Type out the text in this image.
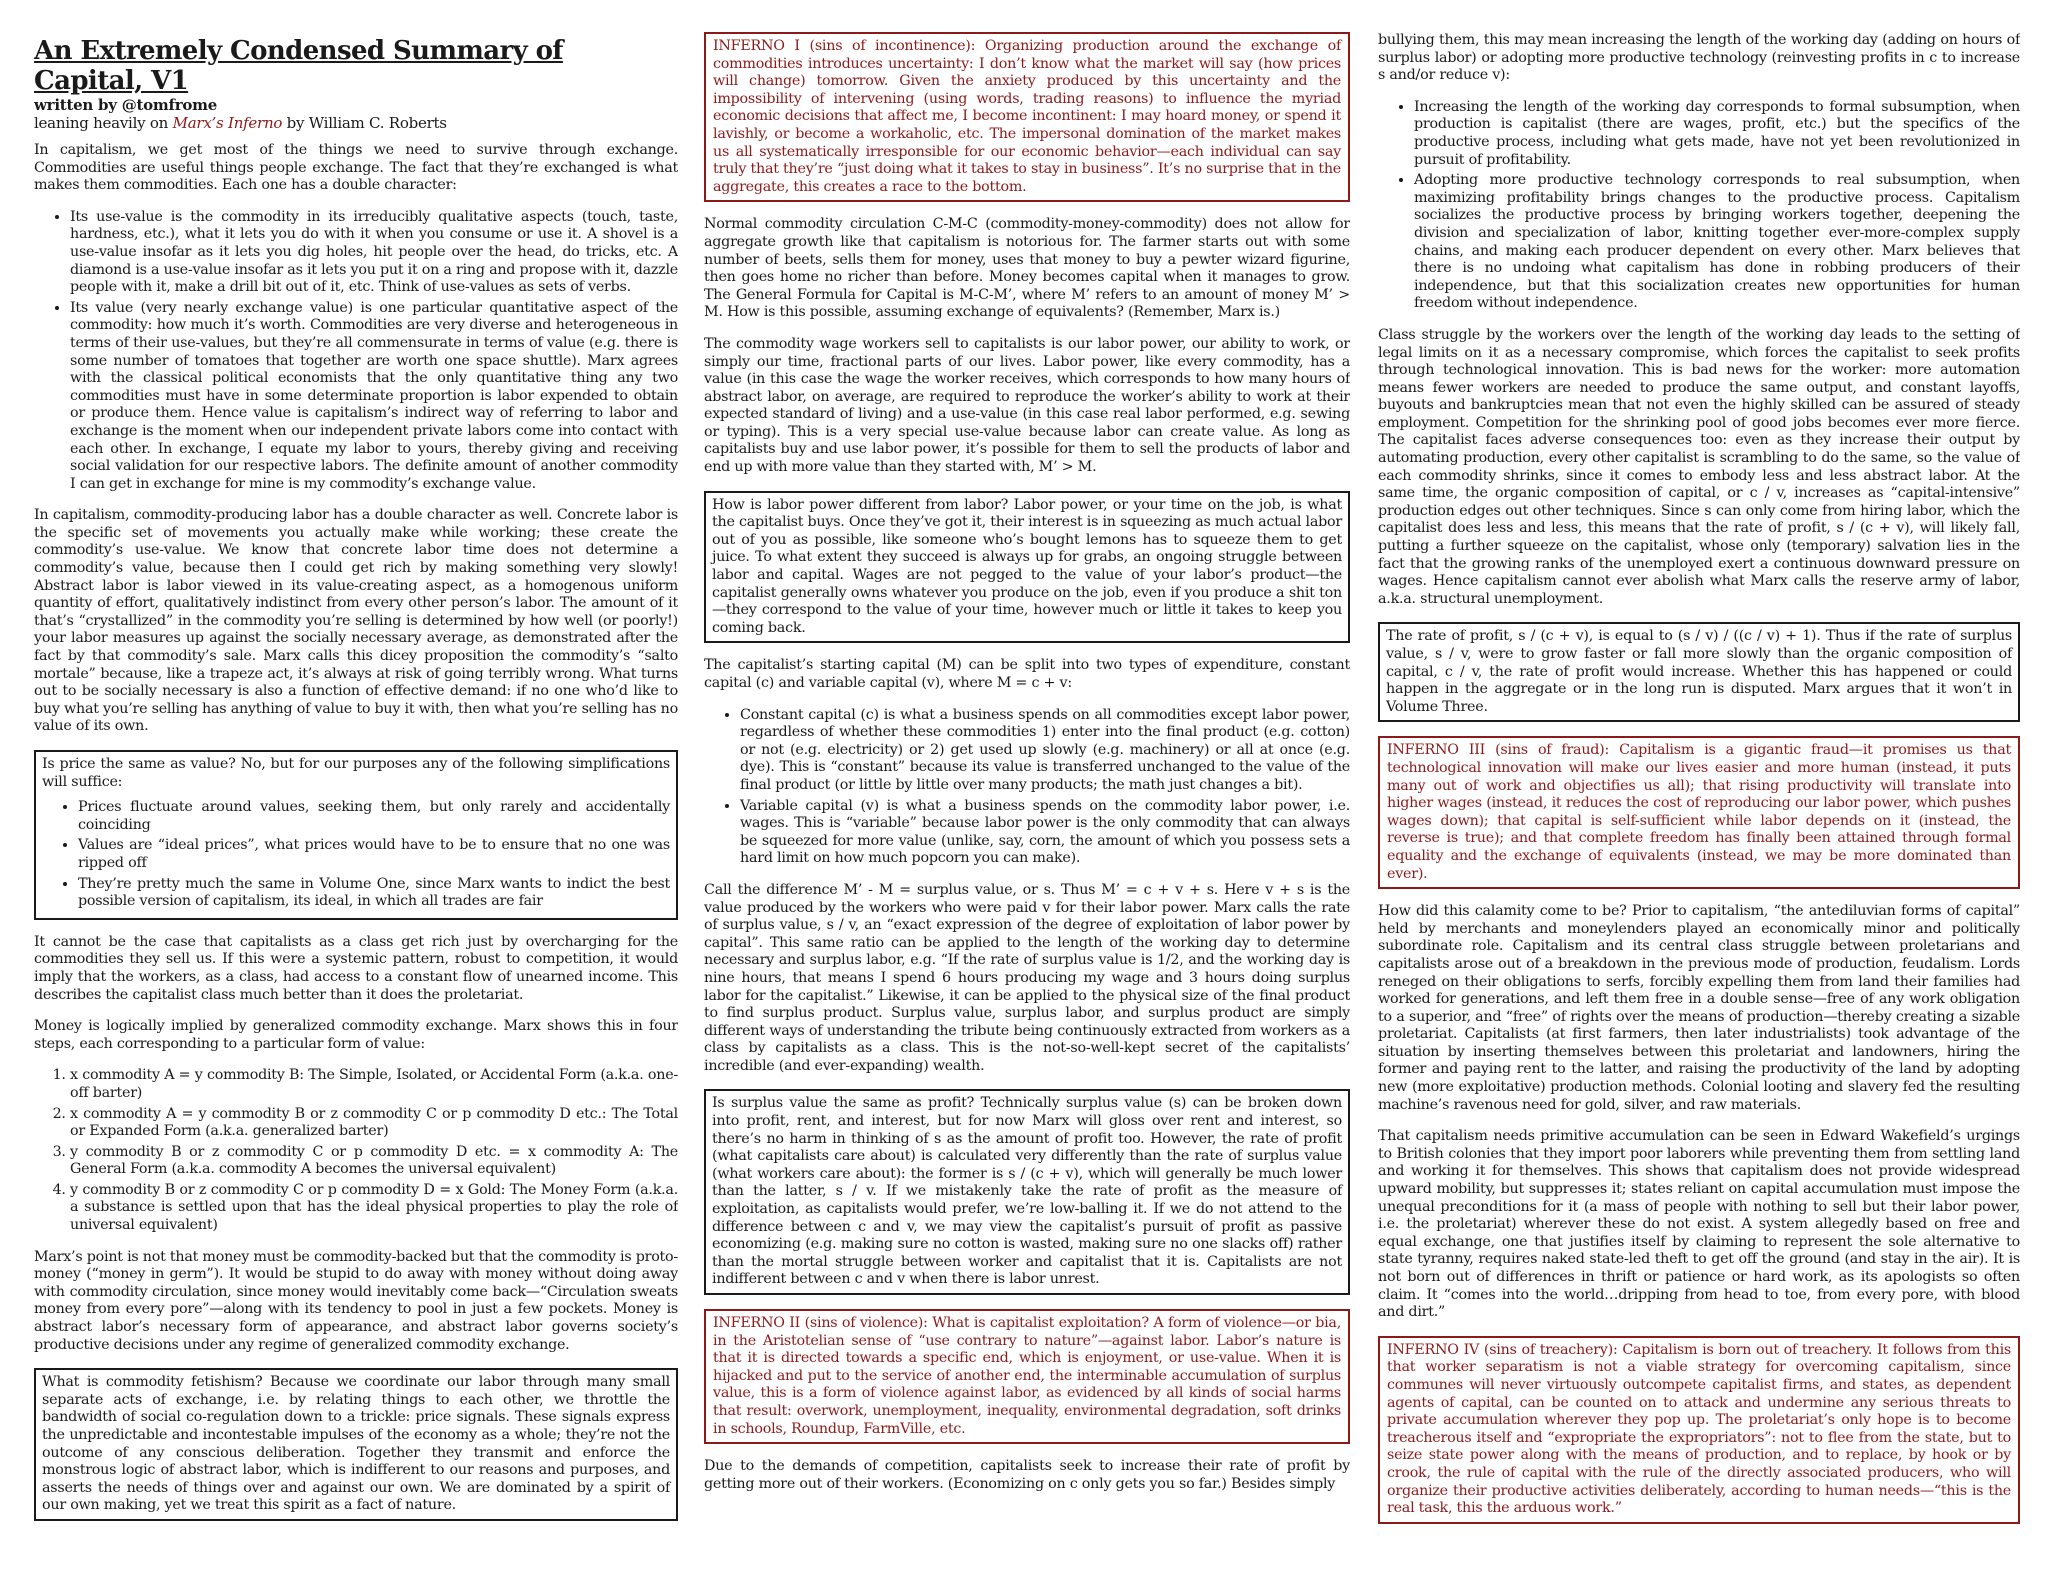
An Extremely Condensed Summary of Capital, V1
written by @tomfrome
leaning heavily on Marx’s Inferno by William C. Roberts

In capitalism, we get most of the things we need to survive through exchange. Commodities are useful things people exchange. The fact that they’re exchanged is what makes them commodities. Each one has a double character:

• Its use-value is the commodity in its irreducibly qualitative aspects (touch, taste, hardness, etc.), what it lets you do with it when you consume or use it. A shovel is a use-value insofar as it lets you dig holes, hit people over the head, do tricks, etc. A diamond is a use-value insofar as it lets you put it on a ring and propose with it, dazzle people with it, make a drill bit out of it, etc. Think of use-values as sets of verbs.
• Its value (very nearly exchange value) is one particular quantitative aspect of the commodity: how much it’s worth. Commodities are very diverse and heterogeneous in terms of their use-values, but they’re all commensurate in terms of value (e.g. there is some number of tomatoes that together are worth one space shuttle). Marx agrees with the classical political economists that the only quantitative thing any two commodities must have in some determinate proportion is labor expended to obtain or produce them. Hence value is capitalism’s indirect way of referring to labor and exchange is the moment when our independent private labors come into contact with each other. In exchange, I equate my labor to yours, thereby giving and receiving social validation for our respective labors. The definite amount of another commodity I can get in exchange for mine is my commodity’s exchange value.

In capitalism, commodity-producing labor has a double character as well. Concrete labor is the specific set of movements you actually make while working; these create the commodity’s use-value. We know that concrete labor time does not determine a commodity’s value, because then I could get rich by making something very slowly! Abstract labor is labor viewed in its value-creating aspect, as a homogenous uniform quantity of effort, qualitatively indistinct from every other person’s labor. The amount of it that’s “crystallized” in the commodity you’re selling is determined by how well (or poorly!) your labor measures up against the socially necessary average, as demonstrated after the fact by that commodity’s sale. Marx calls this dicey proposition the commodity’s “salto mortale” because, like a trapeze act, it’s always at risk of going terribly wrong. What turns out to be socially necessary is also a function of effective demand: if no one who’d like to buy what you’re selling has anything of value to buy it with, then what you’re selling has no value of its own.

Is price the same as value? No, but for our purposes any of the following simplifications will suffice:
• Prices fluctuate around values, seeking them, but only rarely and accidentally coinciding
• Values are “ideal prices”, what prices would have to be to ensure that no one was ripped off
• They’re pretty much the same in Volume One, since Marx wants to indict the best possible version of capitalism, its ideal, in which all trades are fair

It cannot be the case that capitalists as a class get rich just by overcharging for the commodities they sell us. If this were a systemic pattern, robust to competition, it would imply that the workers, as a class, had access to a constant flow of unearned income. This describes the capitalist class much better than it does the proletariat.

Money is logically implied by generalized commodity exchange. Marx shows this in four steps, each corresponding to a particular form of value:

1. x commodity A = y commodity B: The Simple, Isolated, or Accidental Form (a.k.a. one-off barter)
2. x commodity A = y commodity B or z commodity C or p commodity D etc.: The Total or Expanded Form (a.k.a. generalized barter)
3. y commodity B or z commodity C or p commodity D etc. = x commodity A: The General Form (a.k.a. commodity A becomes the universal equivalent)
4. y commodity B or z commodity C or p commodity D = x Gold: The Money Form (a.k.a. a substance is settled upon that has the ideal physical properties to play the role of universal equivalent)

Marx’s point is not that money must be commodity-backed but that the commodity is proto-money (“money in germ”). It would be stupid to do away with money without doing away with commodity circulation, since money would inevitably come back—“Circulation sweats money from every pore”—along with its tendency to pool in just a few pockets. Money is abstract labor’s necessary form of appearance, and abstract labor governs society’s productive decisions under any regime of generalized commodity exchange.

What is commodity fetishism? Because we coordinate our labor through many small separate acts of exchange, i.e. by relating things to each other, we throttle the bandwidth of social co-regulation down to a trickle: price signals. These signals express the unpredictable and incontestable impulses of the economy as a whole; they’re not the outcome of any conscious deliberation. Together they transmit and enforce the monstrous logic of abstract labor, which is indifferent to our reasons and purposes, and asserts the needs of things over and against our own. We are dominated by a spirit of our own making, yet we treat this spirit as a fact of nature.
INFERNO I (sins of incontinence): Organizing production around the exchange of commodities introduces uncertainty: I don’t know what the market will say (how prices will change) tomorrow. Given the anxiety produced by this uncertainty and the impossibility of intervening (using words, trading reasons) to influence the myriad economic decisions that affect me, I become incontinent: I may hoard money, or spend it lavishly, or become a workaholic, etc. The impersonal domination of the market makes us all systematically irresponsible for our economic behavior—each individual can say truly that they’re “just doing what it takes to stay in business”. It’s no surprise that in the aggregate, this creates a race to the bottom.

Normal commodity circulation C-M-C (commodity-money-commodity) does not allow for aggregate growth like that capitalism is notorious for. The farmer starts out with some number of beets, sells them for money, uses that money to buy a pewter wizard figurine, then goes home no richer than before. Money becomes capital when it manages to grow. The General Formula for Capital is M-C-M’, where M’ refers to an amount of money M’ > M. How is this possible, assuming exchange of equivalents? (Remember, Marx is.)

The commodity wage workers sell to capitalists is our labor power, our ability to work, or simply our time, fractional parts of our lives. Labor power, like every commodity, has a value (in this case the wage the worker receives, which corresponds to how many hours of abstract labor, on average, are required to reproduce the worker’s ability to work at their expected standard of living) and a use-value (in this case real labor performed, e.g. sewing or typing). This is a very special use-value because labor can create value. As long as capitalists buy and use labor power, it’s possible for them to sell the products of labor and end up with more value than they started with, M’ > M.

How is labor power different from labor? Labor power, or your time on the job, is what the capitalist buys. Once they’ve got it, their interest is in squeezing as much actual labor out of you as possible, like someone who’s bought lemons has to squeeze them to get juice. To what extent they succeed is always up for grabs, an ongoing struggle between labor and capital. Wages are not pegged to the value of your labor’s product—the capitalist generally owns whatever you produce on the job, even if you produce a shit ton—they correspond to the value of your time, however much or little it takes to keep you coming back.

The capitalist’s starting capital (M) can be split into two types of expenditure, constant capital (c) and variable capital (v), where M = c + v:

• Constant capital (c) is what a business spends on all commodities except labor power, regardless of whether these commodities 1) enter into the final product (e.g. cotton) or not (e.g. electricity) or 2) get used up slowly (e.g. machinery) or all at once (e.g. dye). This is “constant” because its value is transferred unchanged to the value of the final product (or little by little over many products; the math just changes a bit).
• Variable capital (v) is what a business spends on the commodity labor power, i.e. wages. This is “variable” because labor power is the only commodity that can always be squeezed for more value (unlike, say, corn, the amount of which you possess sets a hard limit on how much popcorn you can make).

Call the difference M’ - M = surplus value, or s. Thus M’ = c + v + s. Here v + s is the value produced by the workers who were paid v for their labor power. Marx calls the rate of surplus value, s / v, an “exact expression of the degree of exploitation of labor power by capital”. This same ratio can be applied to the length of the working day to determine necessary and surplus labor, e.g. “If the rate of surplus value is 1/2, and the working day is nine hours, that means I spend 6 hours producing my wage and 3 hours doing surplus labor for the capitalist.” Likewise, it can be applied to the physical size of the final product to find surplus product. Surplus value, surplus labor, and surplus product are simply different ways of understanding the tribute being continuously extracted from workers as a class by capitalists as a class. This is the not-so-well-kept secret of the capitalists’ incredible (and ever-expanding) wealth.

Is surplus value the same as profit? Technically surplus value (s) can be broken down into profit, rent, and interest, but for now Marx will gloss over rent and interest, so there’s no harm in thinking of s as the amount of profit too. However, the rate of profit (what capitalists care about) is calculated very differently than the rate of surplus value (what workers care about): the former is s / (c + v), which will generally be much lower than the latter, s / v. If we mistakenly take the rate of profit as the measure of exploitation, as capitalists would prefer, we’re low-balling it. If we do not attend to the difference between c and v, we may view the capitalist’s pursuit of profit as passive economizing (e.g. making sure no cotton is wasted, making sure no one slacks off) rather than the mortal struggle between worker and capitalist that it is. Capitalists are not indifferent between c and v when there is labor unrest.
INFERNO II (sins of violence): What is capitalist exploitation? A form of violence—or bia, in the Aristotelian sense of “use contrary to nature”—against labor. Labor’s nature is that it is directed towards a specific end, which is enjoyment, or use-value. When it is hijacked and put to the service of another end, the interminable accumulation of surplus value, this is a form of violence against labor, as evidenced by all kinds of social harms that result: overwork, unemployment, inequality, environmental degradation, soft drinks in schools, Roundup, FarmVille, etc.

Due to the demands of competition, capitalists seek to increase their rate of profit by getting more out of their workers. (Economizing on c only gets you so far.) Besides simply

bullying them, this may mean increasing the length of the working day (adding on hours of surplus labor) or adopting more productive technology (reinvesting profits in c to increase s and/or reduce v):

• Increasing the length of the working day corresponds to formal subsumption, when production is capitalist (there are wages, profit, etc.) but the specifics of the productive process, including what gets made, have not yet been revolutionized in pursuit of profitability.
• Adopting more productive technology corresponds to real subsumption, when maximizing profitability brings changes to the productive process. Capitalism socializes the productive process by bringing workers together, deepening the division and specialization of labor, knitting together ever-more-complex supply chains, and making each producer dependent on every other. Marx believes that there is no undoing what capitalism has done in robbing producers of their independence, but that this socialization creates new opportunities for human freedom without independence.

Class struggle by the workers over the length of the working day leads to the setting of legal limits on it as a necessary compromise, which forces the capitalist to seek profits through technological innovation. This is bad news for the worker: more automation means fewer workers are needed to produce the same output, and constant layoffs, buyouts and bankruptcies mean that not even the highly skilled can be assured of steady employment. Competition for the shrinking pool of good jobs becomes ever more fierce. The capitalist faces adverse consequences too: even as they increase their output by automating production, every other capitalist is scrambling to do the same, so the value of each commodity shrinks, since it comes to embody less and less abstract labor. At the same time, the organic composition of capital, or c / v, increases as “capital-intensive” production edges out other techniques. Since s can only come from hiring labor, which the capitalist does less and less, this means that the rate of profit, s / (c + v), will likely fall, putting a further squeeze on the capitalist, whose only (temporary) salvation lies in the fact that the growing ranks of the unemployed exert a continuous downward pressure on wages. Hence capitalism cannot ever abolish what Marx calls the reserve army of labor, a.k.a. structural unemployment.

The rate of profit, s / (c + v), is equal to (s / v) / ((c / v) + 1). Thus if the rate of surplus value, s / v, were to grow faster or fall more slowly than the organic composition of capital, c / v, the rate of profit would increase. Whether this has happened or could happen in the aggregate or in the long run is disputed. Marx argues that it won’t in Volume Three.
INFERNO III (sins of fraud): Capitalism is a gigantic fraud—it promises us that technological innovation will make our lives easier and more human (instead, it puts many out of work and objectifies us all); that rising productivity will translate into higher wages (instead, it reduces the cost of reproducing our labor power, which pushes wages down); that capital is self-sufficient while labor depends on it (instead, the reverse is true); and that complete freedom has finally been attained through formal equality and the exchange of equivalents (instead, we may be more dominated than ever).

How did this calamity come to be? Prior to capitalism, “the antediluvian forms of capital” held by merchants and moneylenders played an economically minor and politically subordinate role. Capitalism and its central class struggle between proletarians and capitalists arose out of a breakdown in the previous mode of production, feudalism. Lords reneged on their obligations to serfs, forcibly expelling them from land their families had worked for generations, and left them free in a double sense—free of any work obligation to a superior, and “free” of rights over the means of production—thereby creating a sizable proletariat. Capitalists (at first farmers, then later industrialists) took advantage of the situation by inserting themselves between this proletariat and landowners, hiring the former and paying rent to the latter, and raising the productivity of the land by adopting new (more exploitative) production methods. Colonial looting and slavery fed the resulting machine’s ravenous need for gold, silver, and raw materials.

That capitalism needs primitive accumulation can be seen in Edward Wakefield’s urgings to British colonies that they import poor laborers while preventing them from settling land and working it for themselves. This shows that capitalism does not provide widespread upward mobility, but suppresses it; states reliant on capital accumulation must impose the unequal preconditions for it (a mass of people with nothing to sell but their labor power, i.e. the proletariat) wherever these do not exist. A system allegedly based on free and equal exchange, one that justifies itself by claiming to represent the sole alternative to state tyranny, requires naked state-led theft to get off the ground (and stay in the air). It is not born out of differences in thrift or patience or hard work, as its apologists so often claim. It “comes into the world…dripping from head to toe, from every pore, with blood and dirt.”

INFERNO IV (sins of treachery): Capitalism is born out of treachery. It follows from this that worker separatism is not a viable strategy for overcoming capitalism, since communes will never virtuously outcompete capitalist firms, and states, as dependent agents of capital, can be counted on to attack and undermine any serious threats to private accumulation wherever they pop up. The proletariat’s only hope is to become treacherous itself and “expropriate the expropriators”: not to flee from the state, but to seize state power along with the means of production, and to replace, by hook or by crook, the rule of capital with the rule of the directly associated producers, who will organize their productive activities deliberately, according to human needs—“this is the real task, this the arduous work.”
